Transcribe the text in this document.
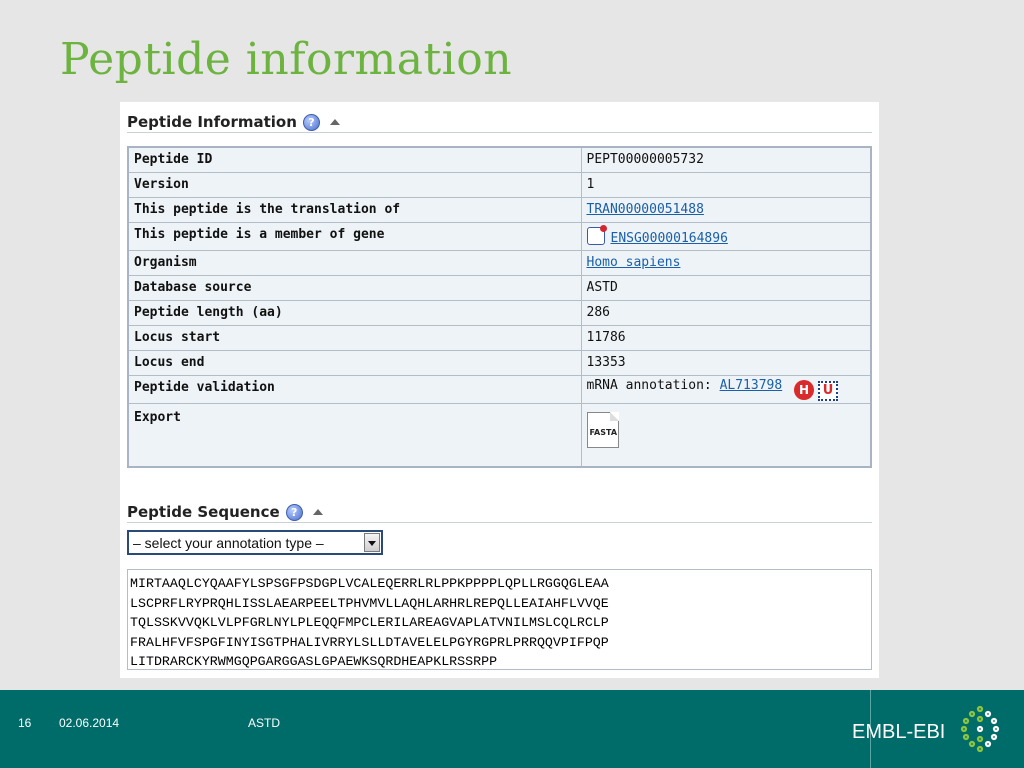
Peptide information
Peptide Information	?
Peptide ID	PEPT00000005732
Version	1
This peptide is the translation of	TRAN00000051488
This peptide is a member of gene	ENSG00000164896
Organism	Homo sapiens
Database source	ASTD
Peptide length (aa)	286
Locus start	11786
Locus end	13353
Peptide validation	mRNA annotation: AL713798 H U
Export	FASTA
Peptide Sequence	?
– select your annotation type –
MIRTAAQLCYQAAFYLSPSGFPSDGPLVCALEQERRLRLPPKPPPPLQPLLRGGQGLEAA
LSCPRFLRYPRQHLISSLAEARPEELTPHVMVLLAQHLARHRLREPQLLEAIAHFLVVQE
TQLSSKVVQKLVLPFGRLNYLPLEQQFMPCLERILAREAGVAPLATVNILMSLCQLRCLP
FRALHFVFSPGFINYISGTPHALIVRRYLSLLDTAVELELPGYRGPRLPRRQQVPIFPQP
LITDRARCKYRWMGQPGARGGASLGPAEWKSQRDHEAPKLRSSRPP
16 02.06.2014	ASTD	EMBL-EBI
